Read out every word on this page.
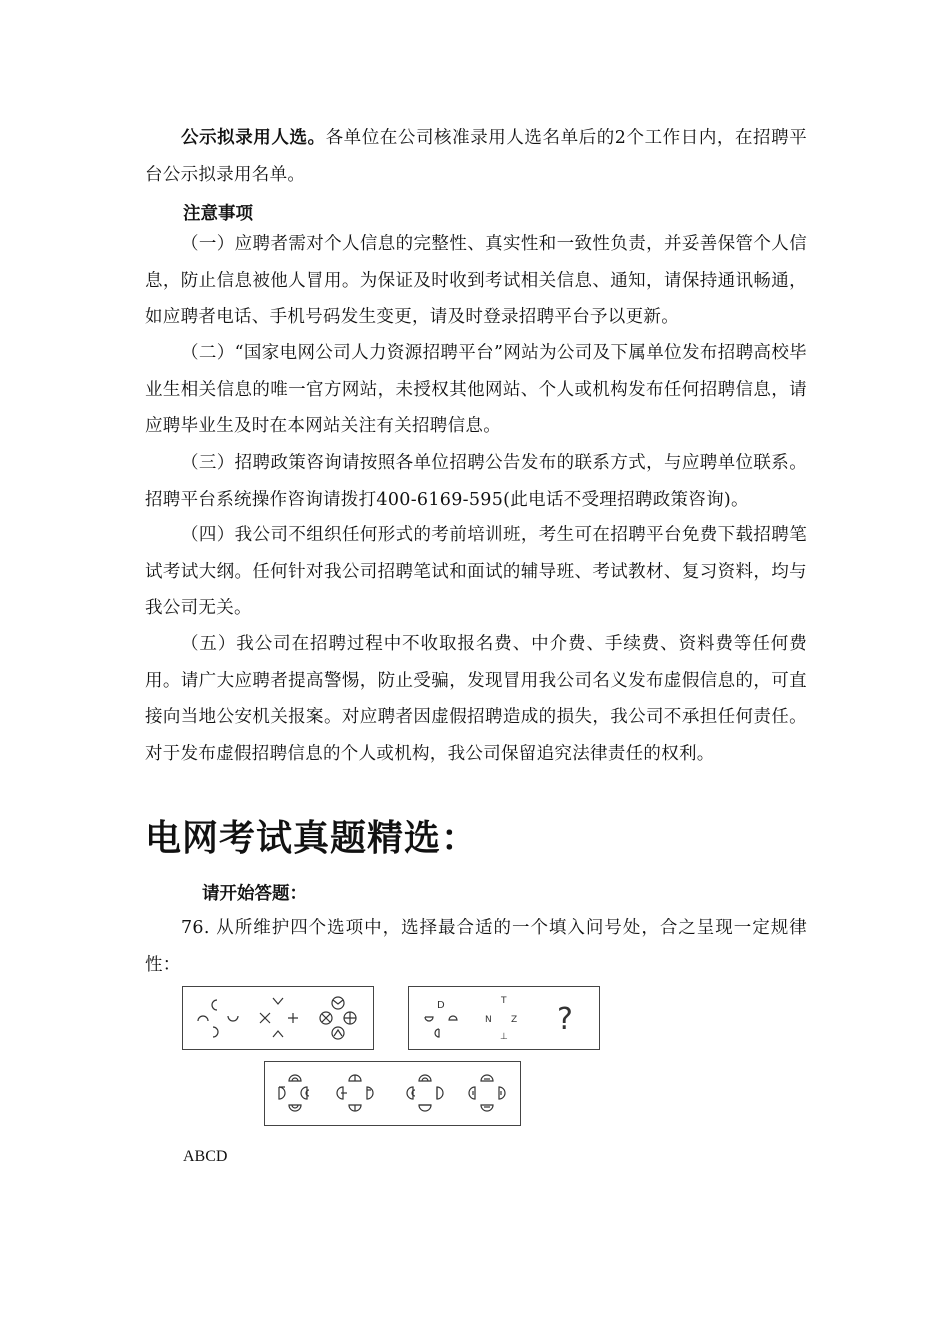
公示拟录用人选。各单位在公司核准录用人选名单后的2个工作日内，在招聘平台公示拟录用名单。

注意事项

（一）应聘者需对个人信息的完整性、真实性和一致性负责，并妥善保管个人信息，防止信息被他人冒用。为保证及时收到考试相关信息、通知，请保持通讯畅通，如应聘者电话、手机号码发生变更，请及时登录招聘平台予以更新。

（二）“国家电网公司人力资源招聘平台”网站为公司及下属单位发布招聘高校毕业生相关信息的唯一官方网站，未授权其他网站、个人或机构发布任何招聘信息，请应聘毕业生及时在本网站关注有关招聘信息。

（三）招聘政策咨询请按照各单位招聘公告发布的联系方式，与应聘单位联系。招聘平台系统操作咨询请拨打400-6169-595(此电话不受理招聘政策咨询)。

（四）我公司不组织任何形式的考前培训班，考生可在招聘平台免费下载招聘笔试考试大纲。任何针对我公司招聘笔试和面试的辅导班、考试教材、复习资料，均与我公司无关。

（五）我公司在招聘过程中不收取报名费、中介费、手续费、资料费等任何费用。请广大应聘者提高警惕，防止受骗，发现冒用我公司名义发布虚假信息的，可直接向当地公安机关报案。对应聘者因虚假招聘造成的损失，我公司不承担任何责任。对于发布虚假招聘信息的个人或机构，我公司保留追究法律责任的权利。

电网考试真题精选：

请开始答题：

76. 从所维护四个选项中，选择最合适的一个填入问号处，合之呈现一定规律性：

D	T
N Z
⊥ ?
ABCD
